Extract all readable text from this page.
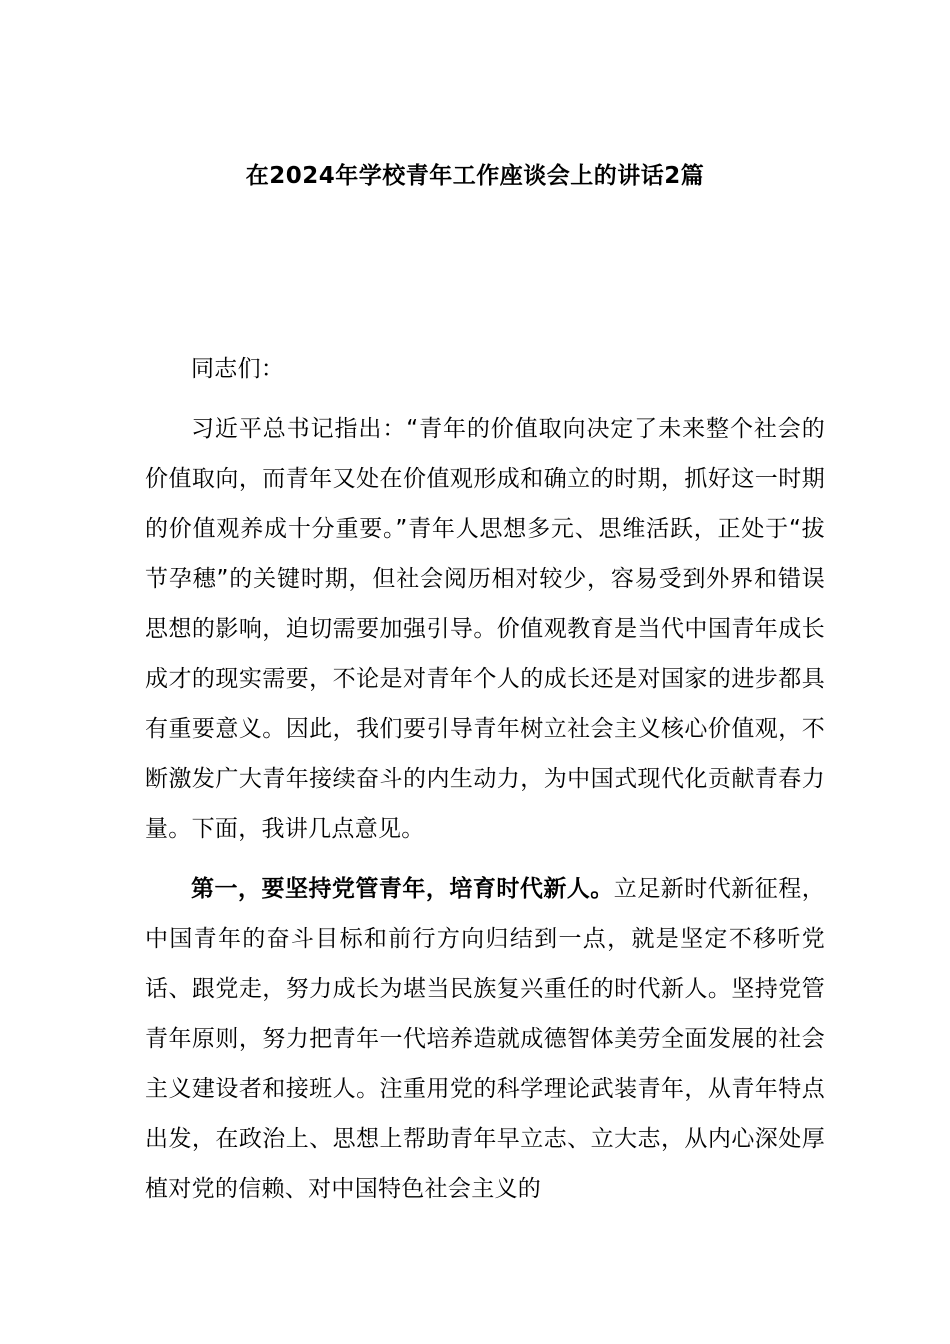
在2024年学校青年工作座谈会上的讲话2篇

同志们：

习近平总书记指出：“青年的价值取向决定了未来整个社会的价值取向，而青年又处在价值观形成和确立的时期，抓好这一时期的价值观养成十分重要。”青年人思想多元、思维活跃，正处于“拔节孕穗”的关键时期，但社会阅历相对较少，容易受到外界和错误思想的影响，迫切需要加强引导。价值观教育是当代中国青年成长成才的现实需要，不论是对青年个人的成长还是对国家的进步都具有重要意义。因此，我们要引导青年树立社会主义核心价值观，不断激发广大青年接续奋斗的内生动力，为中国式现代化贡献青春力量。下面，我讲几点意见。

第一，要坚持党管青年，培育时代新人。立足新时代新征程，中国青年的奋斗目标和前行方向归结到一点，就是坚定不移听党话、跟党走，努力成长为堪当民族复兴重任的时代新人。坚持党管青年原则，努力把青年一代培养造就成德智体美劳全面发展的社会主义建设者和接班人。注重用党的科学理论武装青年，从青年特点出发，在政治上、思想上帮助青年早立志、立大志，从内心深处厚植对党的信赖、对中国特色社会主义的
